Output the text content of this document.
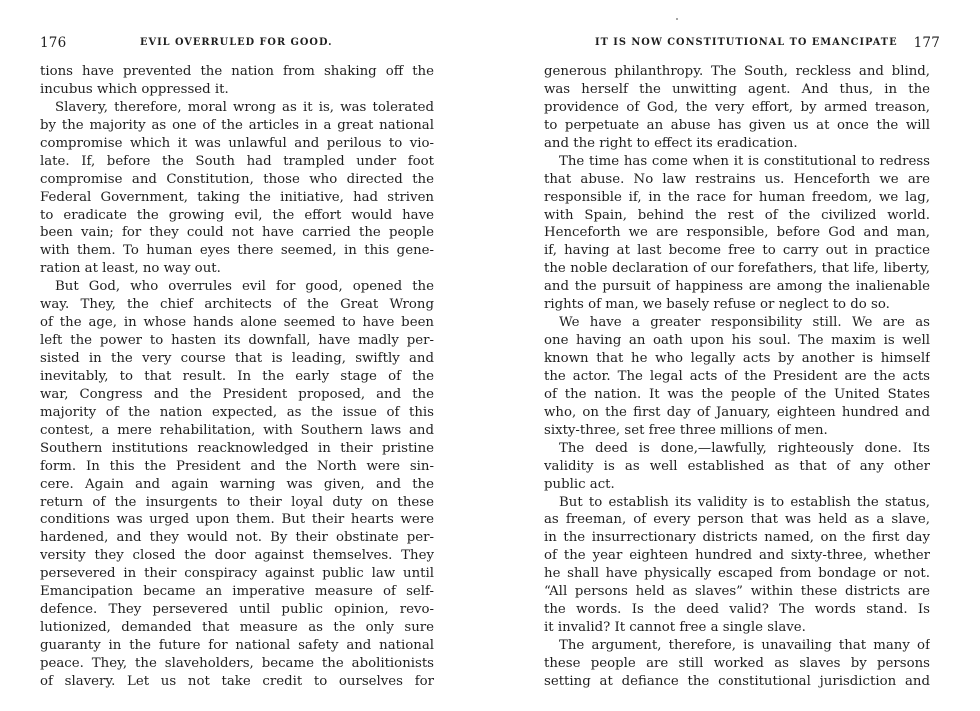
176	EVIL OVERRULED FOR GOOD.
tions have prevented the nation from shaking off the
incubus which oppressed it.
Slavery, therefore, moral wrong as it is, was tolerated
by the majority as one of the articles in a great national
compromise which it was unlawful and perilous to vio-
late. If, before the South had trampled under foot
compromise and Constitution, those who directed the
Federal Government, taking the initiative, had striven
to eradicate the growing evil, the effort would have
been vain; for they could not have carried the people
with them. To human eyes there seemed, in this gene-
ration at least, no way out.
But God, who overrules evil for good, opened the
way. They, the chief architects of the Great Wrong
of the age, in whose hands alone seemed to have been
left the power to hasten its downfall, have madly per-
sisted in the very course that is leading, swiftly and
inevitably, to that result. In the early stage of the
war, Congress and the President proposed, and the
majority of the nation expected, as the issue of this
contest, a mere rehabilitation, with Southern laws and
Southern institutions reacknowledged in their pristine
form. In this the President and the North were sin-
cere. Again and again warning was given, and the
return of the insurgents to their loyal duty on these
conditions was urged upon them. But their hearts were
hardened, and they would not. By their obstinate per-
versity they closed the door against themselves. They
persevered in their conspiracy against public law until
Emancipation became an imperative measure of self-
defence. They persevered until public opinion, revo-
lutionized, demanded that measure as the only sure
guaranty in the future for national safety and national
peace. They, the slaveholders, became the abolitionists
of slavery. Let us not take credit to ourselves for
IT IS NOW CONSTITUTIONAL TO EMANCIPATE 177
generous philanthropy. The South, reckless and blind,
was herself the unwitting agent. And thus, in the
providence of God, the very effort, by armed treason,
to perpetuate an abuse has given us at once the will
and the right to effect its eradication.
The time has come when it is constitutional to redress
that abuse. No law restrains us. Henceforth we are
responsible if, in the race for human freedom, we lag,
with Spain, behind the rest of the civilized world.
Henceforth we are responsible, before God and man,
if, having at last become free to carry out in practice
the noble declaration of our forefathers, that life, liberty,
and the pursuit of happiness are among the inalienable
rights of man, we basely refuse or neglect to do so.
We have a greater responsibility still. We are as
one having an oath upon his soul. The maxim is well
known that he who legally acts by another is himself
the actor. The legal acts of the President are the acts
of the nation. It was the people of the United States
who, on the first day of January, eighteen hundred and
sixty-three, set free three millions of men.
The deed is done,—lawfully, righteously done. Its
validity is as well established as that of any other
public act.
But to establish its validity is to establish the status,
as freeman, of every person that was held as a slave,
in the insurrectionary districts named, on the first day
of the year eighteen hundred and sixty-three, whether
he shall have physically escaped from bondage or not.
“All persons held as slaves” within these districts are
the words. Is the deed valid? The words stand. Is
it invalid? It cannot free a single slave.
The argument, therefore, is unavailing that many of
these people are still worked as slaves by persons
setting at defiance the constitutional jurisdiction and
